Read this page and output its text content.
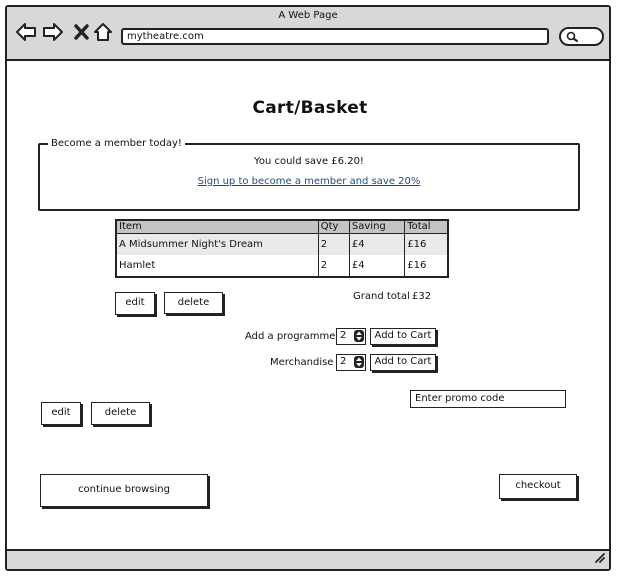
A Web Page
mytheatre.com
Cart/Basket
Become a member today!
You could save £6.20!
Sign up to become a member and save 20%
Item	Qty	Saving	Total
A Midsummer Night's Dream	2	£4	£16
Hamlet	2	£4	£16
edit	delete
Grand total £32
Add a programme 2	Add to Cart
Merchandise 2	Add to Cart
Enter promo code
edit	delete
continue browsing	checkout
